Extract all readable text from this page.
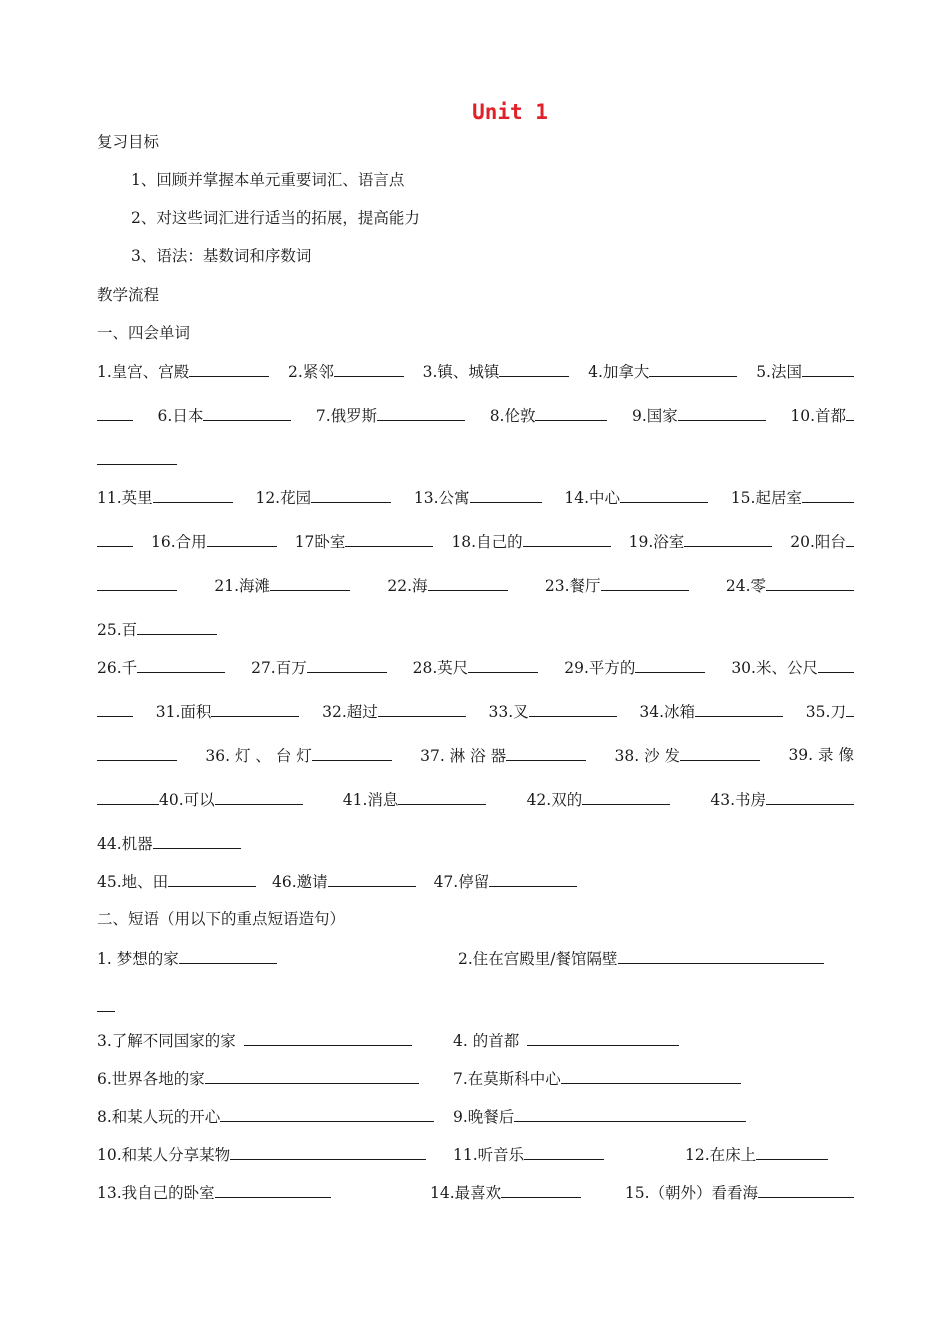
Unit 1
复习目标
1、回顾并掌握本单元重要词汇、语言点
2、对这些词汇进行适当的拓展，提高能力
3、语法：基数词和序数词
教学流程
一、四会单词
1.皇宫、宫殿	2.紧邻	3.镇、城镇	4.加拿大	5.法国
6.日本	7.俄罗斯	8.伦敦	9.国家	10.首都
11.英里	12.花园	13.公寓	14.中心	15.起居室
16.合用	17卧室	18.自己的	19.浴室	20.阳台
21.海滩	22.海	23.餐厅	24.零
25.百
26.千	27.百万	28.英尺	29.平方的	30.米、公尺
31.面积	32.超过	33.叉	34.冰箱	35.刀
36. 灯 、 台 灯	37. 淋 浴 器	38. 沙 发	39. 录 像
40.可以	41.消息	42.双的	43.书房
44.机器
45.地、田	46.邀请	47.停留
二、短语（用以下的重点短语造句）
1. 梦想的家	2.住在宫殿里/餐馆隔壁
3.了解不同国家的家	4. 的首都
6.世界各地的家	7.在莫斯科中心
8.和某人玩的开心	9.晚餐后
10.和某人分享某物	11.听音乐	12.在床上
13.我自己的卧室	14.最喜欢	15.（朝外）看看海
